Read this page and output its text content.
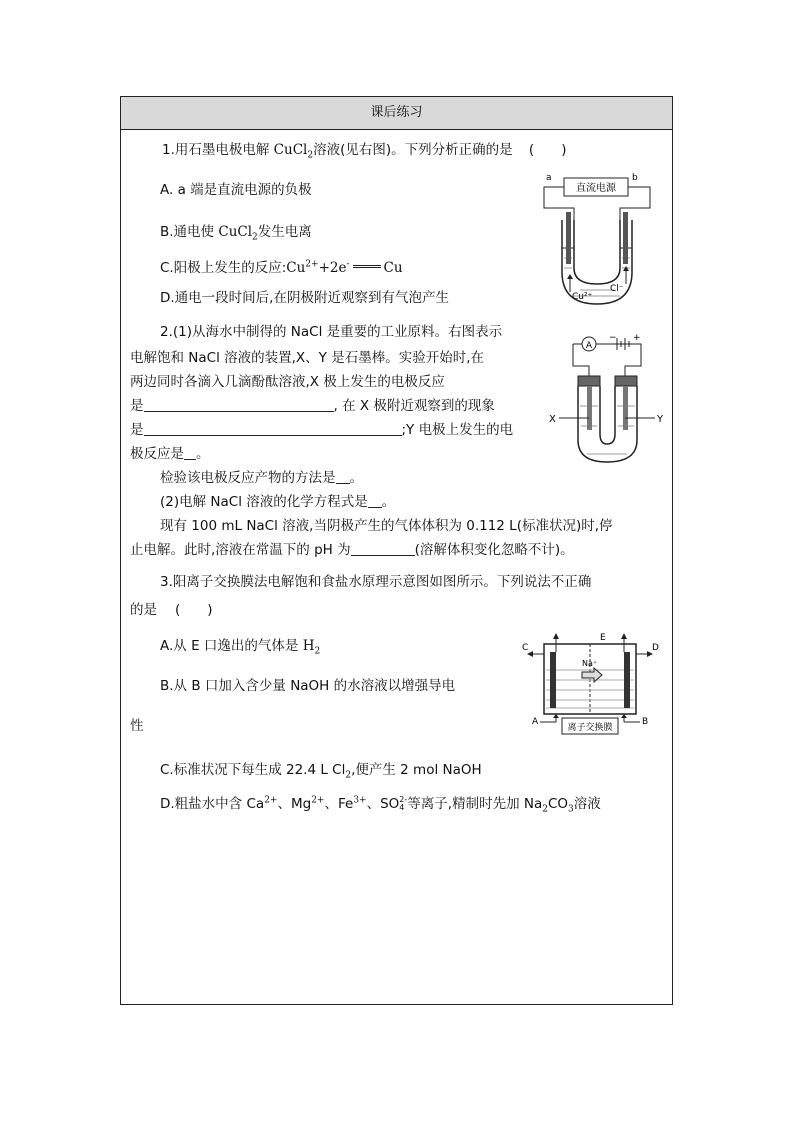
课后练习
1.用石墨电极电解 CuCl$_2$溶液(见右图)。下列分析正确的是 (　　)
A. a 端是直流电源的负极
B.通电使 CuCl$_2$发生电离
C.阳极上发生的反应$:Cu^{2+}+2e^-$	Cu
D.通电一段时间后,在阴极附近观察到有气泡产生
a	b
直流电源
Cu²⁺
Cl⁻
2.(1)从海水中制得的 NaCl 是重要的工业原料。右图表示
电解饱和 NaCl 溶液的装置,X、Y 是石墨棒。实验开始时,在
两边同时各滴入几滴酚酞溶液,X 极上发生的电极反应
是	, 在 X 极附近观察到的现象
是	;Y 电极上发生的电
极反应是 。
检验该电极反应产物的方法是 。
(2)电解 NaCl 溶液的化学方程式是 。
现有 100 mL NaCl 溶液,当阴极产生的气体体积为 0.112 L(标准状况)时,停
止电解。此时,溶液在常温下的 pH 为	(溶解体积变化忽略不计)。
A
− +
X	Y
3.阳离子交换膜法电解饱和食盐水原理示意图如图所示。下列说法不正确
的是 (　　)
A.从 E 口逸出的气体是 $H_2$
B.从 B 口加入含少量 NaOH 的水溶液以增强导电
性
C.标准状况下每生成 22.4 L $Cl_2$,便产生 2 mol NaOH
D.粗盐水中含 $Ca^{2+}$、$Mg^{2+}$、$Fe^{3+}$、SO 2-
4 等离子,精制时先加 $Na_2CO_3$溶液
C	D
E
Na⁺
A	B
离子交换膜
